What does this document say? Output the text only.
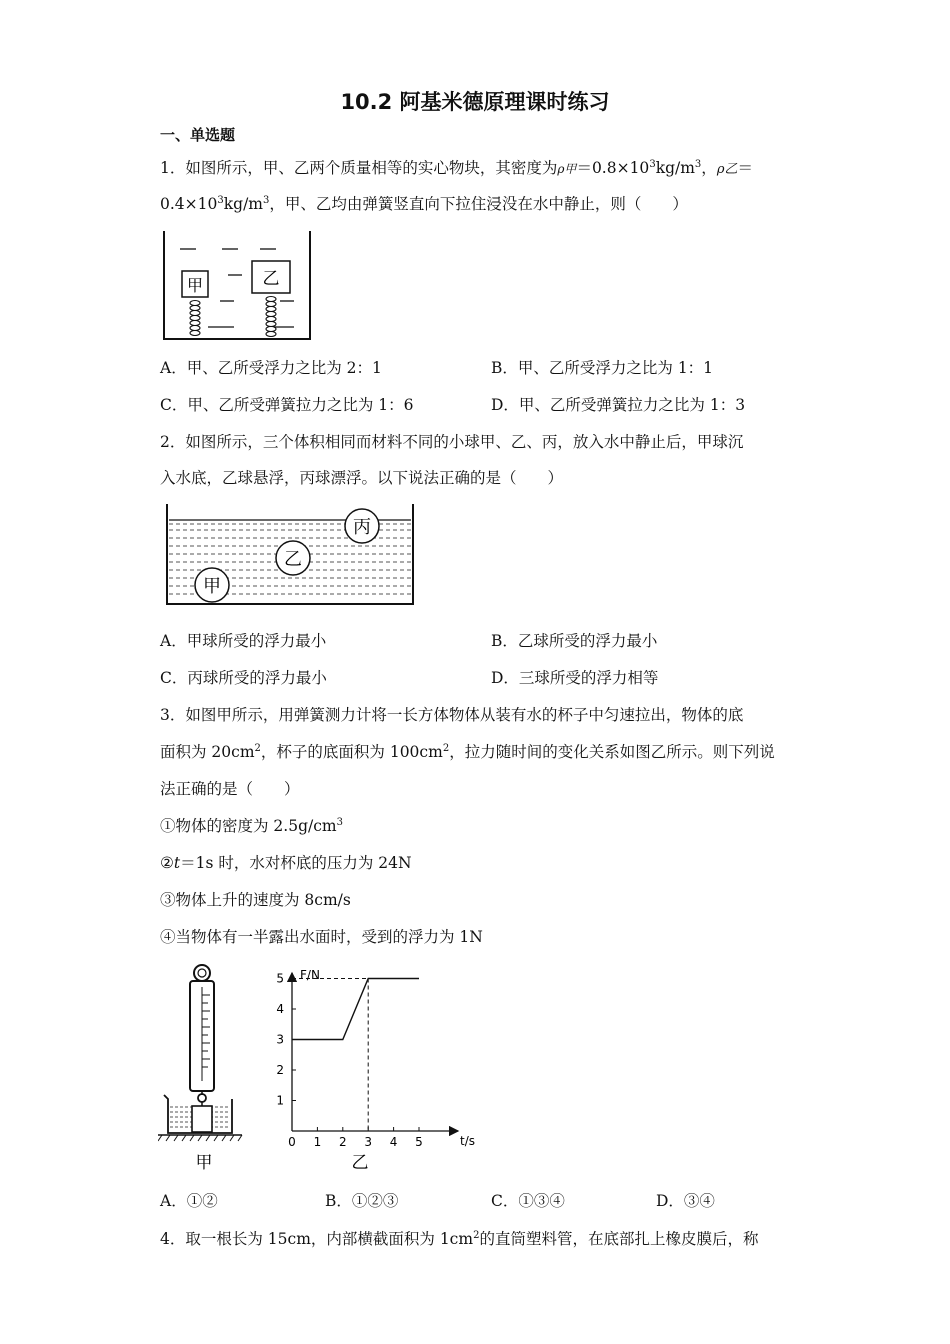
10.2 阿基米德原理课时练习
一、单选题
1．如图所示，甲、乙两个质量相等的实心物块，其密度为ρ甲$=0.8\times 10^3kg/m^3$，ρ乙＝
$0.4\times 10^3kg/m^3$，甲、乙均由弹簧竖直向下拉住浸没在水中静止，则（　　）
甲	乙
A．甲、乙所受浮力之比为 2：1	B．甲、乙所受浮力之比为 1：1
C．甲、乙所受弹簧拉力之比为 1：6	D．甲、乙所受弹簧拉力之比为 1：3
2．如图所示，三个体积相同而材料不同的小球甲、乙、丙，放入水中静止后，甲球沉
入水底，乙球悬浮，丙球漂浮。以下说法正确的是（　　）
丙
乙
甲
A．甲球所受的浮力最小	B．乙球所受的浮力最小
C．丙球所受的浮力最小	D．三球所受的浮力相等
3．如图甲所示，用弹簧测力计将一长方体物体从装有水的杯子中匀速拉出，物体的底
面积为 $20cm^2$，杯子的底面积为 $100cm^2$，拉力随时间的变化关系如图乙所示。则下列说
法正确的是（　　）
①物体的密度为 $2.5g/cm^3$
②t＝1s 时，水对杯底的压力为 24N
③物体上升的速度为 8cm/s
④当物体有一半露出水面时，受到的浮力为 1N
甲
F/N
t/s
0 1 2 3 4 5
1
2
3
4
5
乙
A．①②	B．①②③	C．①③④	D．③④
4．取一根长为 15cm，内部横截面积为 $1cm^2$的直筒塑料管，在底部扎上橡皮膜后，称
